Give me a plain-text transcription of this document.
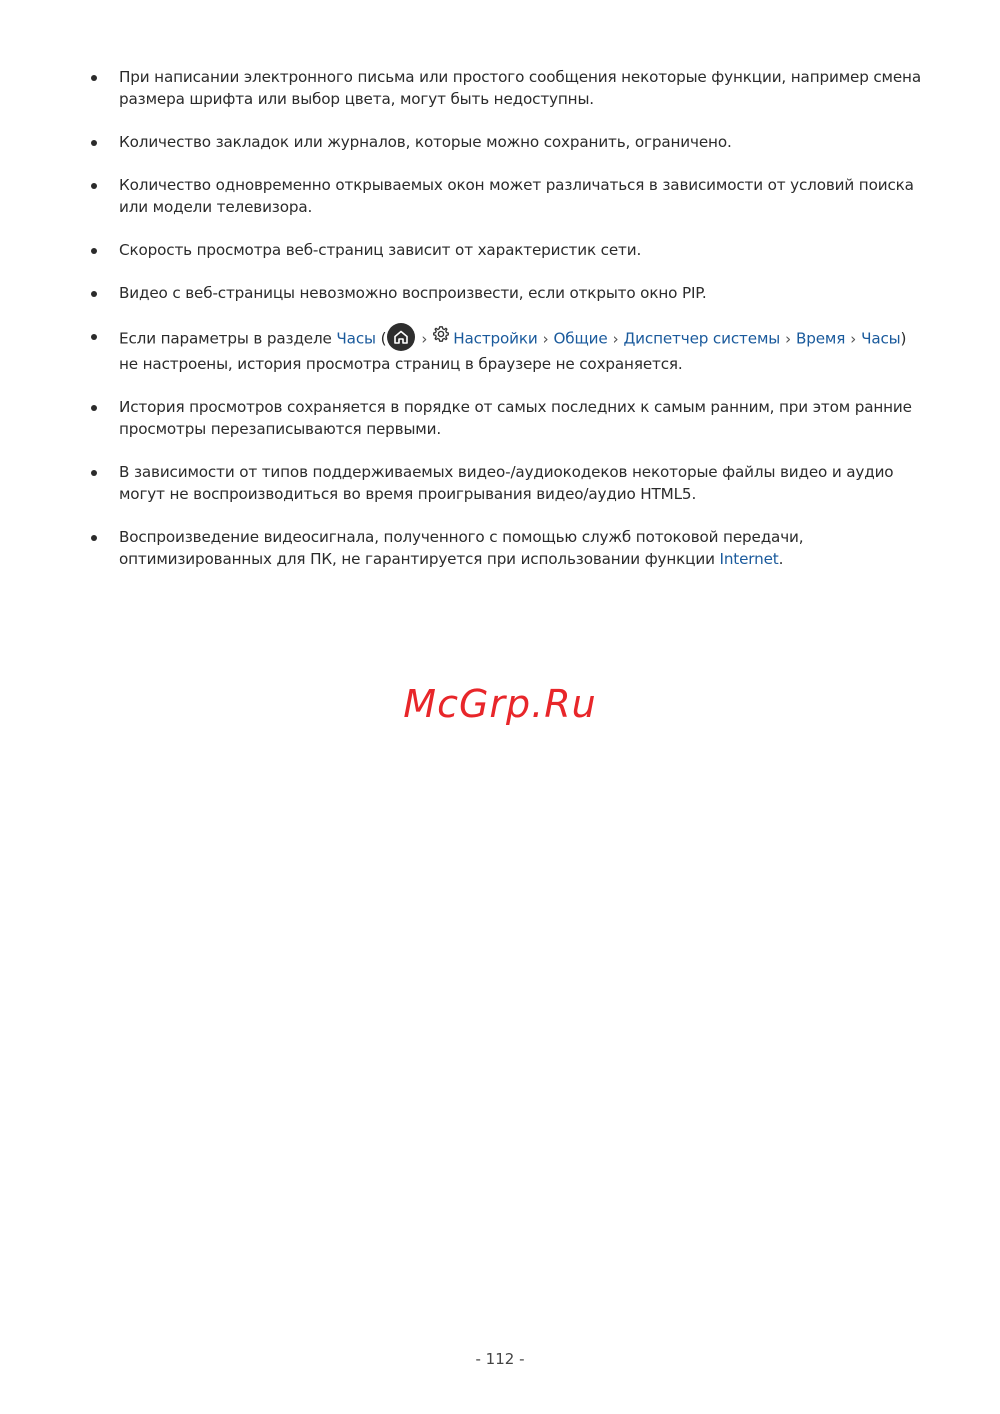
При написании электронного письма или простого сообщения некоторые функции, например смена размера шрифта или выбор цвета, могут быть недоступны.
Количество закладок или журналов, которые можно сохранить, ограничено.
Количество одновременно открываемых окон может различаться в зависимости от условий поиска или модели телевизора.
Скорость просмотра веб-страниц зависит от характеристик сети.
Видео с веб-страницы невозможно воспроизвести, если открыто окно PIP.
Если параметры в разделе Часы ( › Настройки › Общие › Диспетчер системы › Время › Часы) не настроены, история просмотра страниц в браузере не сохраняется.
История просмотров сохраняется в порядке от самых последних к самым ранним, при этом ранние просмотры перезаписываются первыми.
В зависимости от типов поддерживаемых видео-/аудиокодеков некоторые файлы видео и аудио могут не воспроизводиться во время проигрывания видео/аудио HTML5.
Воспроизведение видеосигнала, полученного с помощью служб потоковой передачи, оптимизированных для ПК, не гарантируется при использовании функции Internet.
McGrp.Ru
- 112 -
